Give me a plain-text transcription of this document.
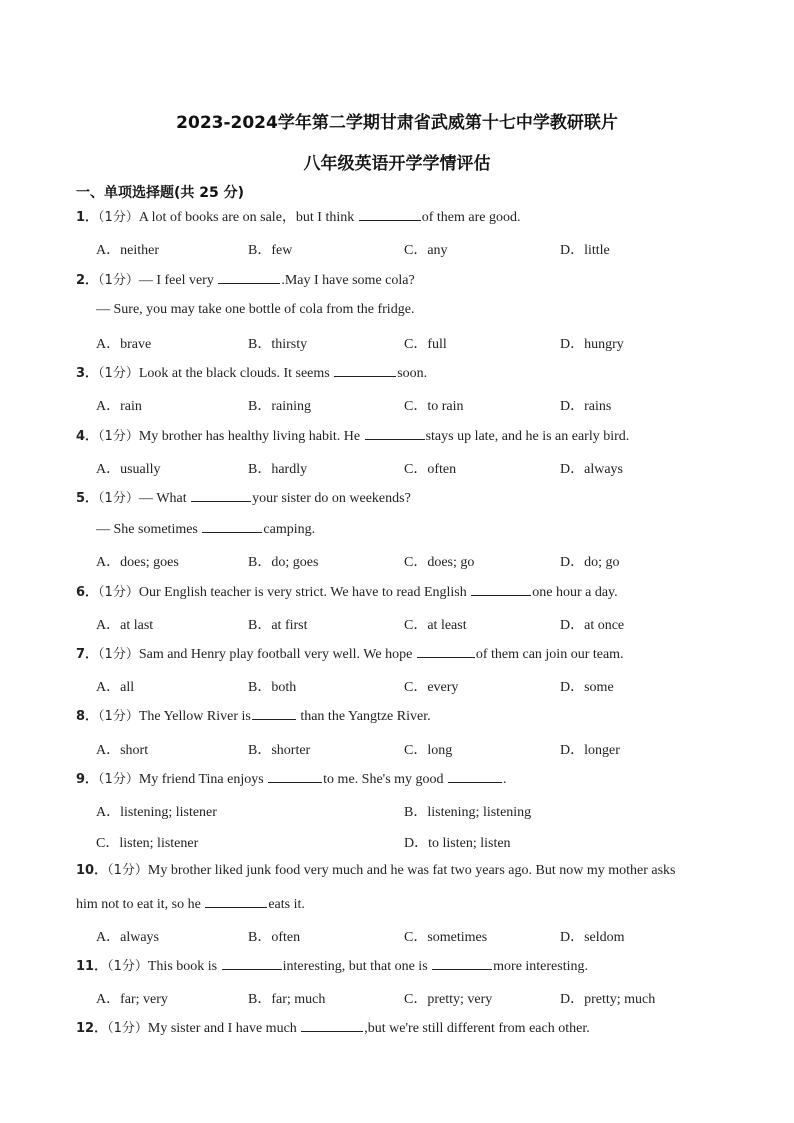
2023-2024学年第二学期甘肃省武威第十七中学教研联片
八年级英语开学学情评估
一、单项选择题(共 25 分)
1．（1分）A lot of books are on sale，but I think	of them are good.
A．neither	B．few	C．any	D．little
2．（1分）— I feel very	.May I have some cola?
— Sure, you may take one bottle of cola from the fridge.
A．brave	B．thirsty	C．full	D．hungry
3．（1分）Look at the black clouds. It seems	soon.
A．rain	B．raining	C．to rain	D．rains
4．（1分）My brother has healthy living habit. He	stays up late, and he is an early bird.
A．usually	B．hardly	C．often	D．always
5．（1分）— What	your sister do on weekends?
— She sometimes	camping.
A．does; goes	B．do; goes	C．does; go	D．do; go
6．（1分）Our English teacher is very strict. We have to read English	one hour a day.
A．at last	B．at first	C．at least	D．at once
7．（1分）Sam and Henry play football very well. We hope	of them can join our team.
A．all	B．both	C．every	D．some
8．（1分）The Yellow River is	than the Yangtze River.
A．short	B．shorter	C．long	D．longer
9．（1分）My friend Tina enjoys	to me. She's my good	.
A．listening; listener	B．listening; listening
C．listen; listener	D．to listen; listen
10．（1分）My brother liked junk food very much and he was fat two years ago. But now my mother asks
him not to eat it, so he	eats it.
A．always	B．often	C．sometimes	D．seldom
11．（1分）This book is	interesting, but that one is	more interesting.
A．far; very	B．far; much	C．pretty; very	D．pretty; much
12．（1分）My sister and I have much	,but we're still different from each other.
